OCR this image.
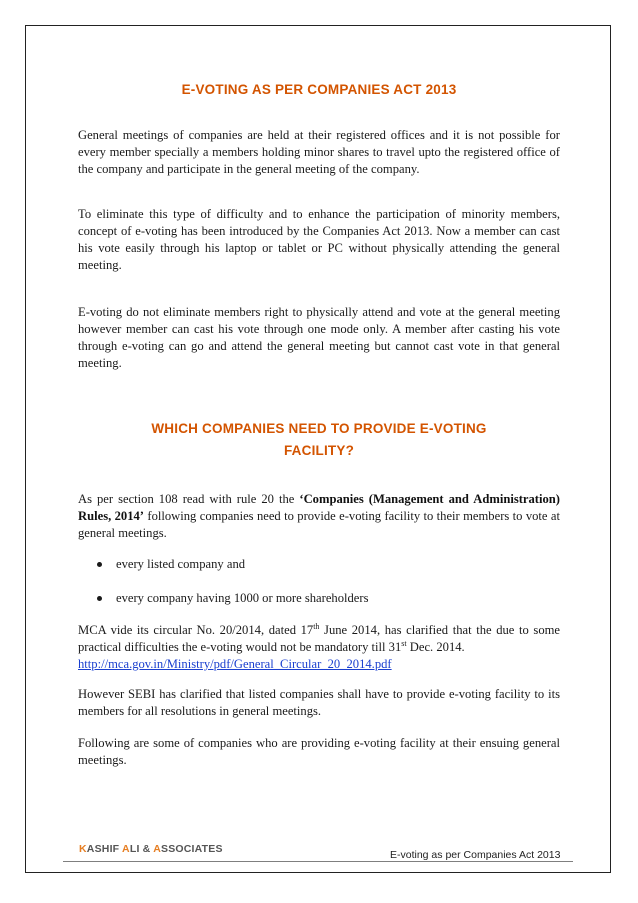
E-VOTING AS PER COMPANIES ACT 2013

General meetings of companies are held at their registered offices and it is not possible for every member specially a members holding minor shares to travel upto the registered office of the company and participate in the general meeting of the company.

To eliminate this type of difficulty and to enhance the participation of minority members, concept of e-voting has been introduced by the Companies Act 2013. Now a member can cast his vote easily through his laptop or tablet or PC without physically attending the general meeting.

E-voting do not eliminate members right to physically attend and vote at the general meeting however member can cast his vote through one mode only. A member after casting his vote through e-voting can go and attend the general meeting but cannot cast vote in that general meeting.

WHICH COMPANIES NEED TO PROVIDE E-VOTING
FACILITY?

As per section 108 read with rule 20 the ‘Companies (Management and Administration) Rules, 2014’ following companies need to provide e-voting facility to their members to vote at general meetings.

every listed company and
every company having 1000 or more shareholders

MCA vide its circular No. 20/2014, dated 17th June 2014, has clarified that the due to some practical difficulties the e-voting would not be mandatory till 31st Dec. 2014.
http://mca.gov.in/Ministry/pdf/General_Circular_20_2014.pdf

However SEBI has clarified that listed companies shall have to provide e-voting facility to its members for all resolutions in general meetings.

Following are some of companies who are providing e-voting facility at their ensuing general meetings.

KASHIF ALI & ASSOCIATES	E-voting as per Companies Act 2013
